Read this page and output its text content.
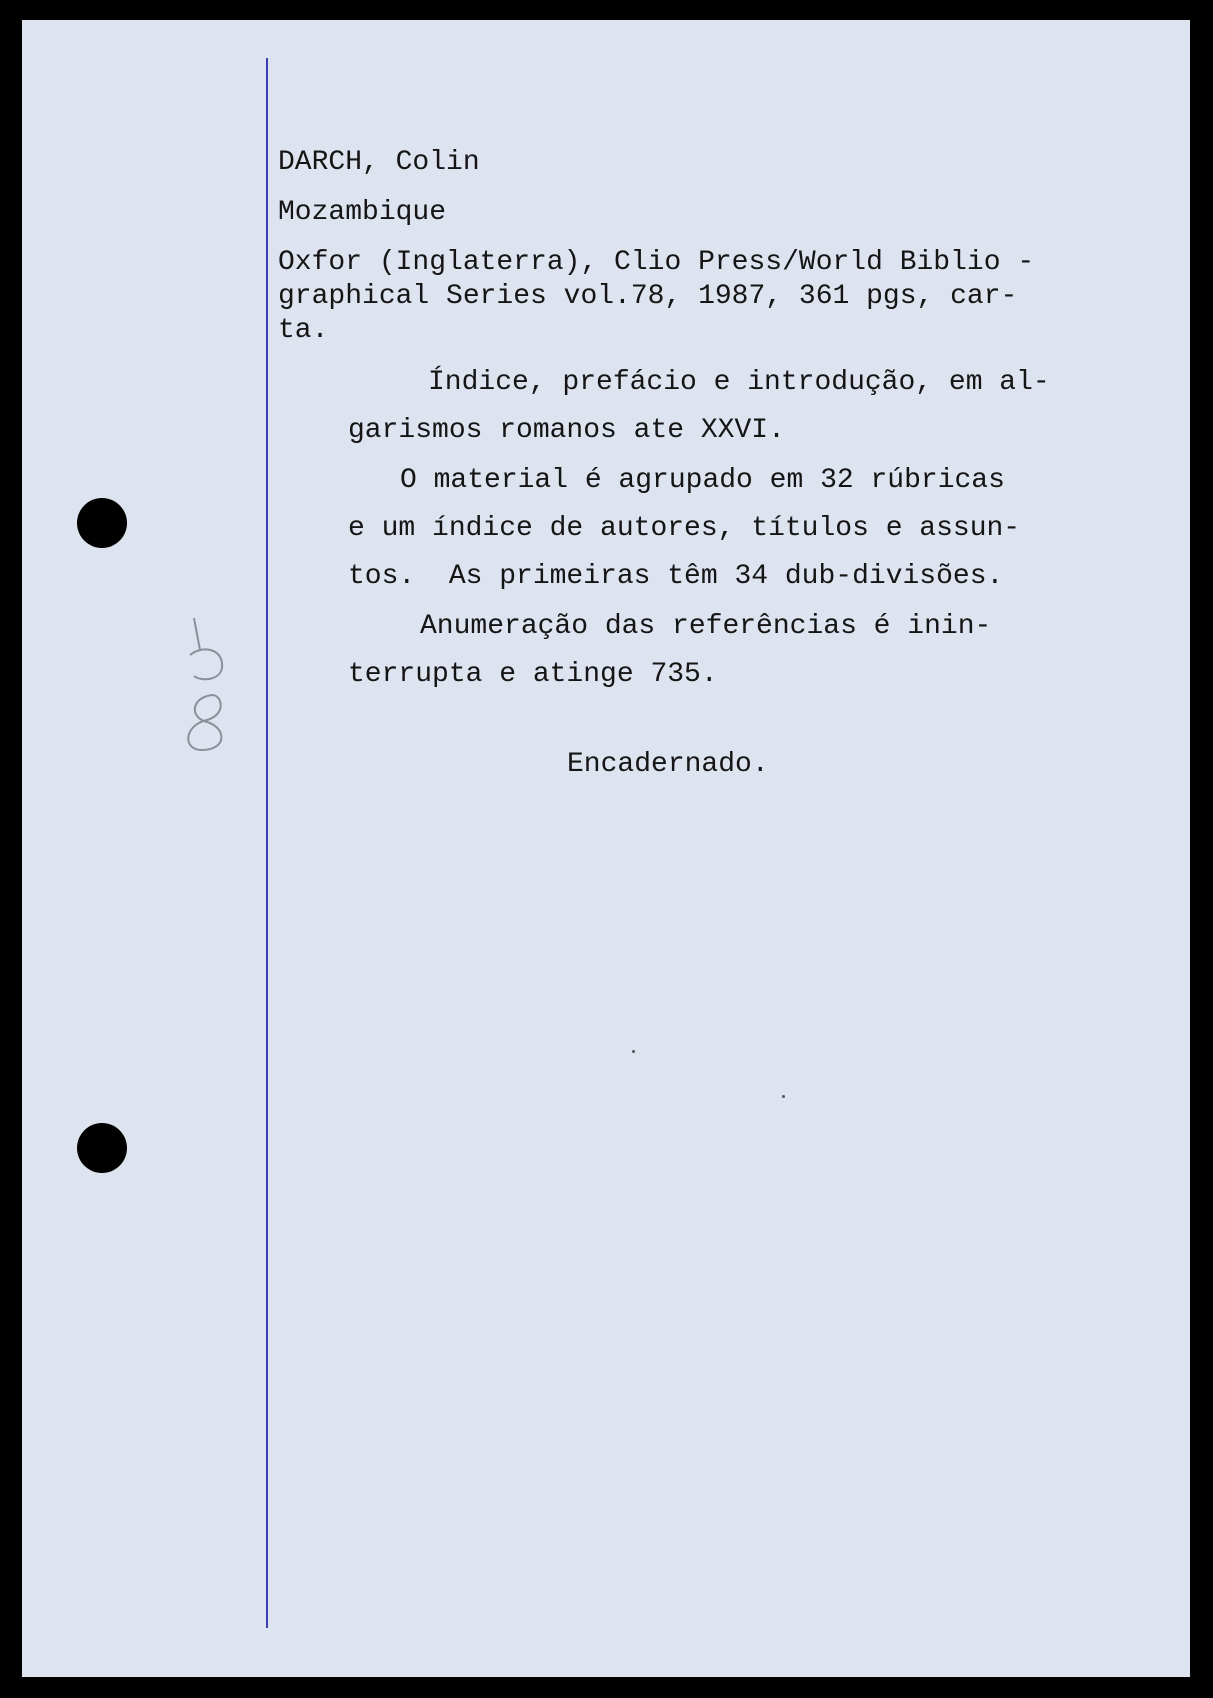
DARCH, Colin

Mozambique

Oxfor (Inglaterra), Clio Press/World Biblio -

graphical Series vol.78, 1987, 361 pgs, car-

ta.

Índice, prefácio e introdução, em al-

garismos romanos ate XXVI.

O material é agrupado em 32 rúbricas

e um índice de autores, títulos e assun-

tos.  As primeiras têm 34 dub-divisões.

Anumeração das referências é inin-

terrupta e atinge 735.

Encadernado.
